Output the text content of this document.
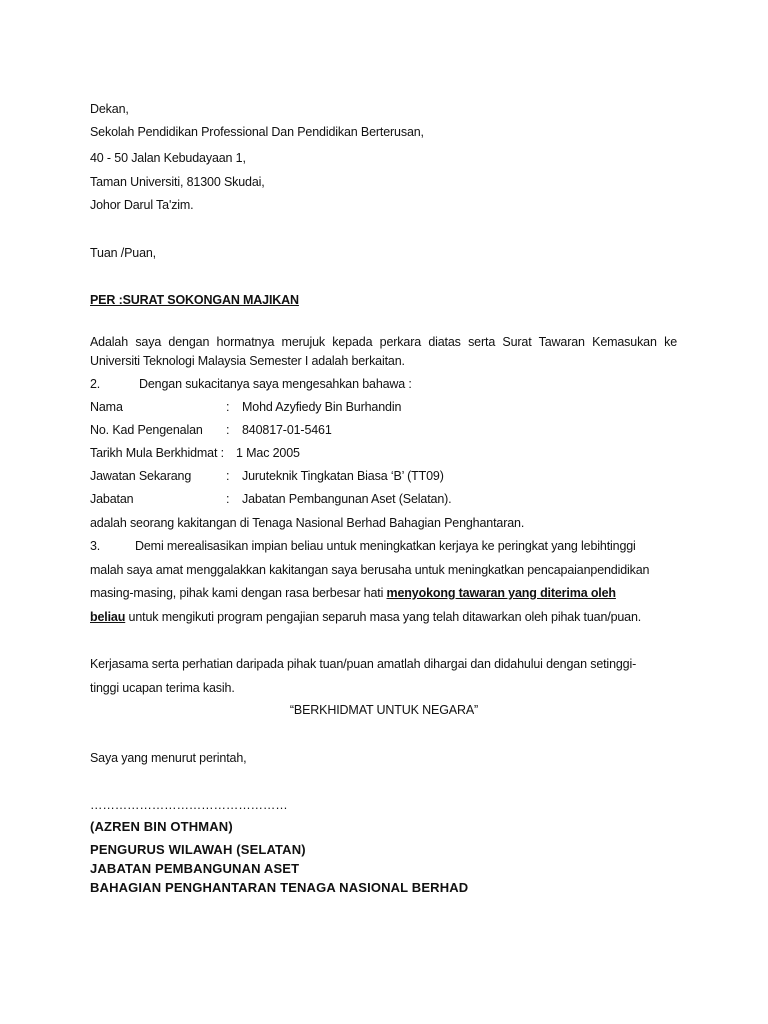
Dekan,
Sekolah Pendidikan Professional Dan Pendidikan Berterusan,
40 - 50 Jalan Kebudayaan 1,
Taman Universiti, 81300 Skudai,
Johor Darul Ta'zim.
Tuan /Puan,
PER :SURAT SOKONGAN MAJIKAN
Adalah saya dengan hormatnya merujuk kepada perkara diatas serta Surat Tawaran Kemasukan ke
Universiti Teknologi Malaysia Semester I adalah berkaitan.
2.	Dengan sukacitanya saya mengesahkan bahawa :
Nama	: Mohd Azyfiedy Bin Burhandin
No. Kad Pengenalan : 840817-01-5461
Tarikh Mula Berkhidmat : 1 Mac 2005
Jawatan Sekarang	: Juruteknik Tingkatan Biasa ‘B’ (TT09)
Jabatan	: Jabatan Pembangunan Aset (Selatan).
adalah seorang kakitangan di Tenaga Nasional Berhad Bahagian Penghantaran.
3.	Demi merealisasikan impian beliau untuk meningkatkan kerjaya ke peringkat yang lebihtinggi
malah saya amat menggalakkan kakitangan saya berusaha untuk meningkatkan pencapaianpendidikan
masing-masing, pihak kami dengan rasa berbesar hati menyokong tawaran yang diterima oleh
beliau untuk mengikuti program pengajian separuh masa yang telah ditawarkan oleh pihak tuan/puan.
Kerjasama serta perhatian daripada pihak tuan/puan amatlah dihargai dan didahului dengan setinggi-
tinggi ucapan terima kasih.
“BERKHIDMAT UNTUK NEGARA”
Saya yang menurut perintah,
…………………………………………
(AZREN BIN OTHMAN)
PENGURUS WILAWAH (SELATAN)
JABATAN PEMBANGUNAN ASET
BAHAGIAN PENGHANTARAN TENAGA NASIONAL BERHAD
